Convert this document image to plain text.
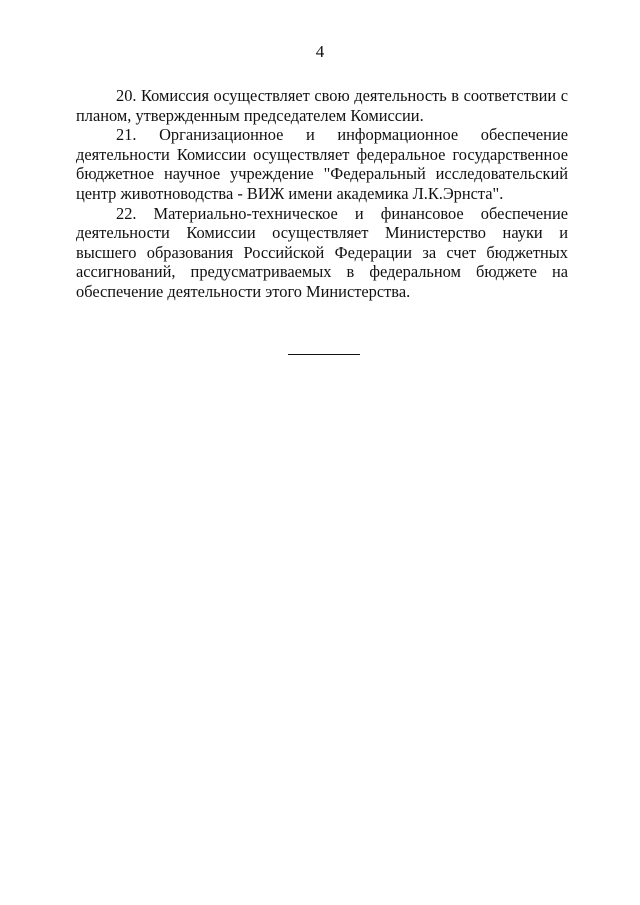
4

20. Комиссия осуществляет свою деятельность в соответствии с планом, утвержденным председателем Комиссии.

21. Организационное и информационное обеспечение деятельности Комиссии осуществляет федеральное государственное бюджетное научное учреждение "Федеральный исследовательский центр животноводства - ВИЖ имени академика Л.К.Эрнста".

22. Материально-техническое и финансовое обеспечение деятельности Комиссии осуществляет Министерство науки и высшего образования Российской Федерации за счет бюджетных ассигнований, предусматриваемых в федеральном бюджете на обеспечение деятельности этого Министерства.
